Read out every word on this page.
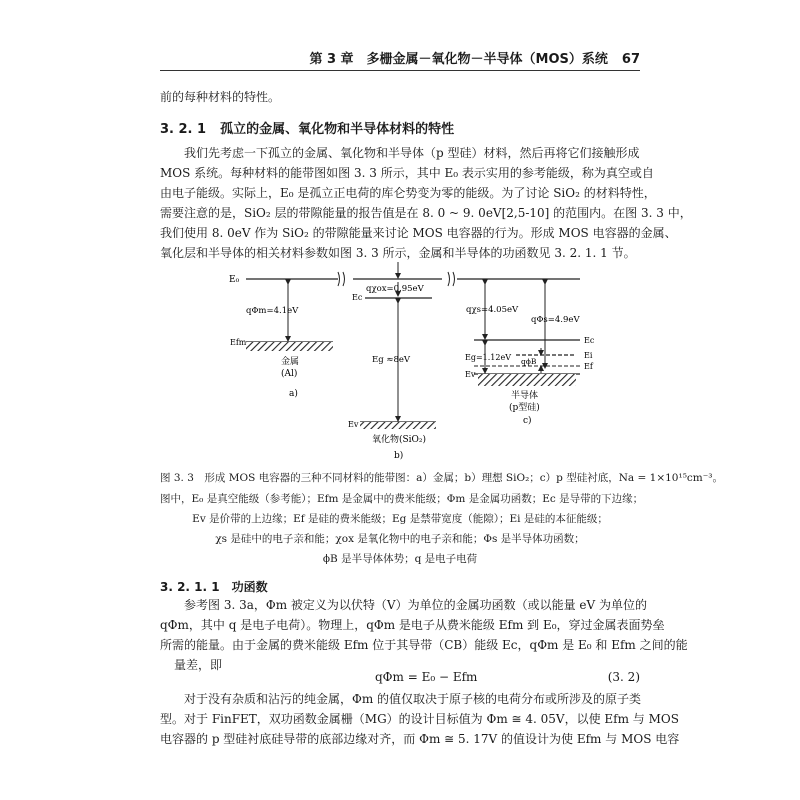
第 3 章　多栅金属－氧化物－半导体（MOS）系统 67
前的每种材料的特性。
3. 2. 1 孤立的金属、氧化物和半导体材料的特性
　　我们先考虑一下孤立的金属、氧化物和半导体（p 型硅）材料，然后再将它们接触形成
MOS 系统。每种材料的能带图如图 3. 3 所示，其中 E₀ 表示实用的参考能级，称为真空或自
由电子能级。实际上，E₀ 是孤立正电荷的库仑势变为零的能级。为了讨论 SiO₂ 的材料特性，
需要注意的是，SiO₂ 层的带隙能量的报告值是在 8. 0 ~ 9. 0eV[2,5-10] 的范围内。在图 3. 3 中，
我们使用 8. 0eV 作为 SiO₂ 的带隙能量来讨论 MOS 电容器的行为。形成 MOS 电容器的金属、
氧化层和半导体的相关材料参数如图 3. 3 所示，金属和半导体的功函数见 3. 2. 1. 1 节。
E₀
qΦm=4.1eV
Efm
金属
(Al)
a)
qχox=0.95eV
Ec
Eg ≈8eV
Ev
氧化物(SiO₂)
b)
qχs=4.05eV
qΦs=4.9eV
Ec
Eg=1.12eV	Ei
qϕB
Ef
Ev
半导体
(p型硅)
c)
图 3. 3　形成 MOS 电容器的三种不同材料的能带图：a）金属；b）理想 SiO₂；c）p 型硅衬底，Na = 1×10¹⁵cm⁻³。
图中，E₀ 是真空能级（参考能）；Efm 是金属中的费米能级；Φm 是金属功函数；Ec 是导带的下边缘；
Ev 是价带的上边缘；Ef 是硅的费米能级；Eg 是禁带宽度（能隙）；Ei 是硅的本征能级；
χs 是硅中的电子亲和能；χox 是氧化物中的电子亲和能；Φs 是半导体功函数；
ϕB 是半导体体势；q 是电子电荷
3. 2. 1. 1 功函数
　　参考图 3. 3a，Φm 被定义为以伏特（V）为单位的金属功函数（或以能量 eV 为单位的
qΦm，其中 q 是电子电荷）。物理上，qΦm 是电子从费米能级 Efm 到 E₀，穿过金属表面势垒
所需的能量。由于金属的费米能级 Efm 位于其导带（CB）能级 Ec，qΦm 是 E₀ 和 Efm 之间的能
量差，即
qΦm = E₀ − Efm	(3. 2)
　　对于没有杂质和沾污的纯金属，Φm 的值仅取决于原子核的电荷分布或所涉及的原子类
型。对于 FinFET，双功函数金属栅（MG）的设计目标值为 Φm ≅ 4. 05V，以使 Efm 与 MOS
电容器的 p 型硅衬底硅导带的底部边缘对齐，而 Φm ≅ 5. 17V 的值设计为使 Efm 与 MOS 电容
